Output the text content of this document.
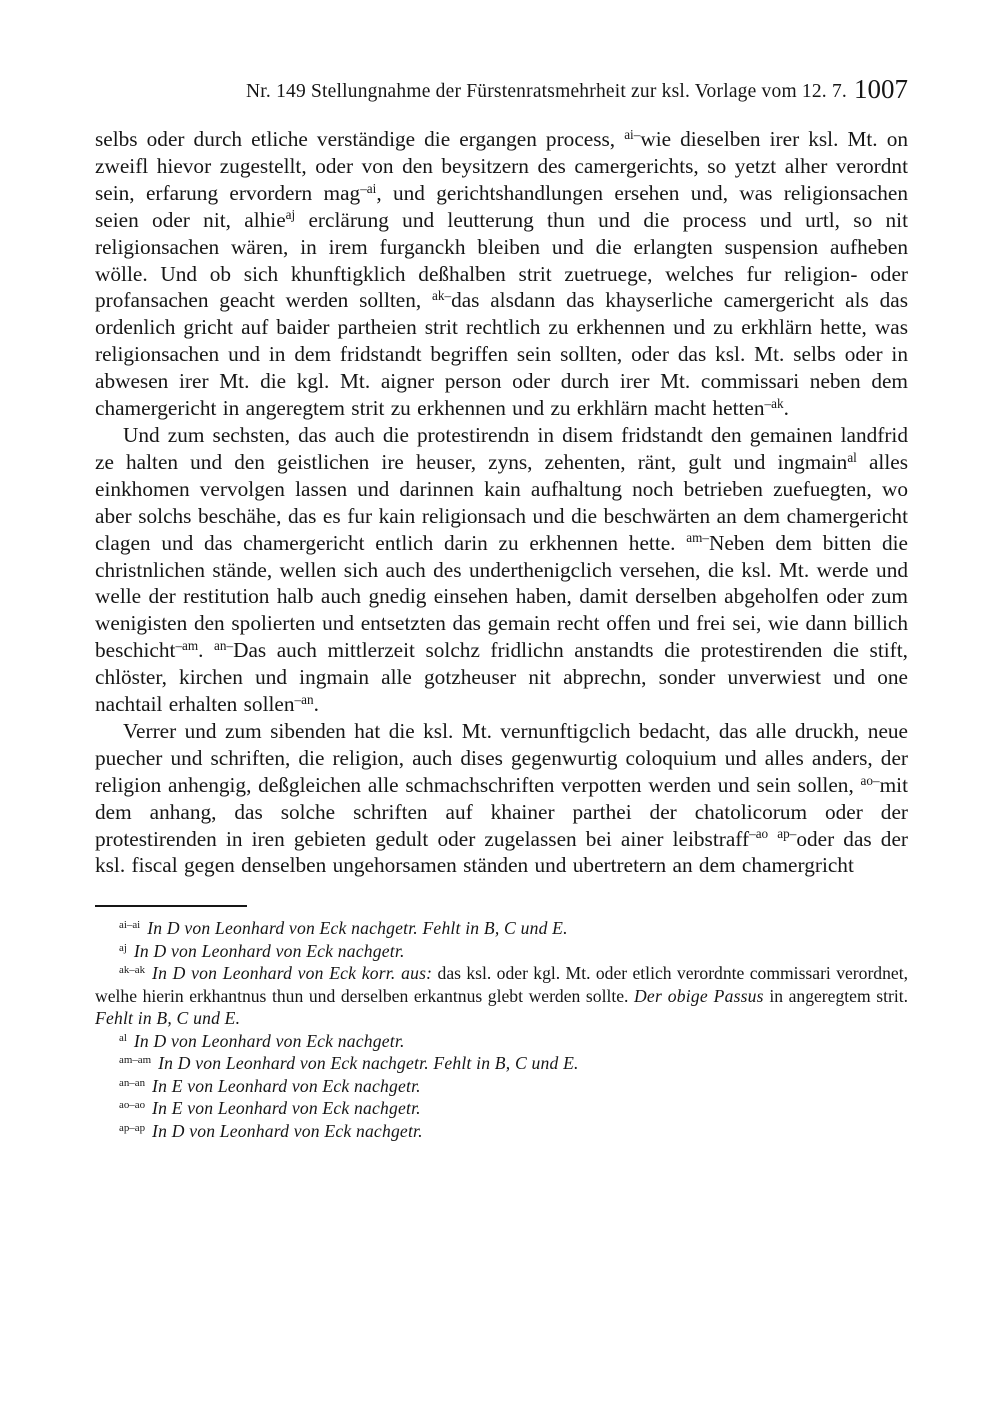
Nr. 149 Stellungnahme der Fürstenratsmehrheit zur ksl. Vorlage vom 12. 7. 1007

selbs oder durch etliche verständige die ergangen process, $^{ai-}$wie dieselben irer ksl. Mt. on zweifl hievor zugestellt, oder von den beysitzern des camergerichts, so yetzt alher verordnt sein, erfarung ervordern mag$^{-ai}$, und gerichtshandlungen ersehen und, was religionsachen seien oder nit, alhie$^{aj}$ erclärung und leutterung thun und die process und urtl, so nit religionsachen wären, in irem furganckh bleiben und die erlangten suspension aufheben wölle. Und ob sich khunftigklich deßhalben strit zuetruege, welches fur religion- oder profansachen geacht werden sollten, $^{ak-}$das alsdann das khayserliche camergericht als das ordenlich gricht auf baider partheien strit rechtlich zu erkhennen und zu erkhlärn hette, was religionsachen und in dem fridstandt begriffen sein sollten, oder das ksl. Mt. selbs oder in abwesen irer Mt. die kgl. Mt. aigner person oder durch irer Mt. commissari neben dem chamergericht in angeregtem strit zu erkhennen und zu erkhlärn macht hetten$^{-ak}$.

Und zum sechsten, das auch die protestirendn in disem fridstandt den gemainen landfrid ze halten und den geistlichen ire heuser, zyns, zehenten, ränt, gult und ingmain$^{al}$ alles einkhomen vervolgen lassen und darinnen kain aufhaltung noch betrieben zuefuegten, wo aber solchs beschähe, das es fur kain religionsach und die beschwärten an dem chamergericht clagen und das chamergericht entlich darin zu erkhennen hette. $^{am-}$Neben dem bitten die christnlichen stände, wellen sich auch des underthenigclich versehen, die ksl. Mt. werde und welle der restitution halb auch gnedig einsehen haben, damit derselben abgeholfen oder zum wenigisten den spolierten und entsetzten das gemain recht offen und frei sei, wie dann billich beschicht$^{-am}$. $^{an-}$Das auch mittlerzeit solchz fridlichn anstandts die protestirenden die stift, chlöster, kirchen und ingmain alle gotzheuser nit abprechn, sonder unverwiest und one nachtail erhalten sollen$^{-an}$.

Verrer und zum sibenden hat die ksl. Mt. vernunftigclich bedacht, das alle druckh, neue puecher und schriften, die religion, auch dises gegenwurtig coloquium und alles anders, der religion anhengig, deßgleichen alle schmachschriften verpotten werden und sein sollen, $^{ao-}$mit dem anhang, das solche schriften auf khainer parthei der chatolicorum oder der protestirenden in iren gebieten gedult oder zugelassen bei ainer leibstraff$^{-ao}$ $^{ap-}$oder das der ksl. fiscal gegen denselben ungehorsamen ständen und ubertretern an dem chamergricht

$^{ai-ai}$ In D von Leonhard von Eck nachgetr. Fehlt in B, C und E.

$^{aj}$ In D von Leonhard von Eck nachgetr.

$^{ak-ak}$ In D von Leonhard von Eck korr. aus: das ksl. oder kgl. Mt. oder etlich verordnte commissari verordnet, welhe hierin erkhantnus thun und derselben erkantnus glebt werden sollte. Der obige Passus in angeregtem strit. Fehlt in B, C und E.

$^{al}$ In D von Leonhard von Eck nachgetr.

$^{am-am}$ In D von Leonhard von Eck nachgetr. Fehlt in B, C und E.

$^{an-an}$ In E von Leonhard von Eck nachgetr.

$^{ao-ao}$ In E von Leonhard von Eck nachgetr.

$^{ap-ap}$ In D von Leonhard von Eck nachgetr.
